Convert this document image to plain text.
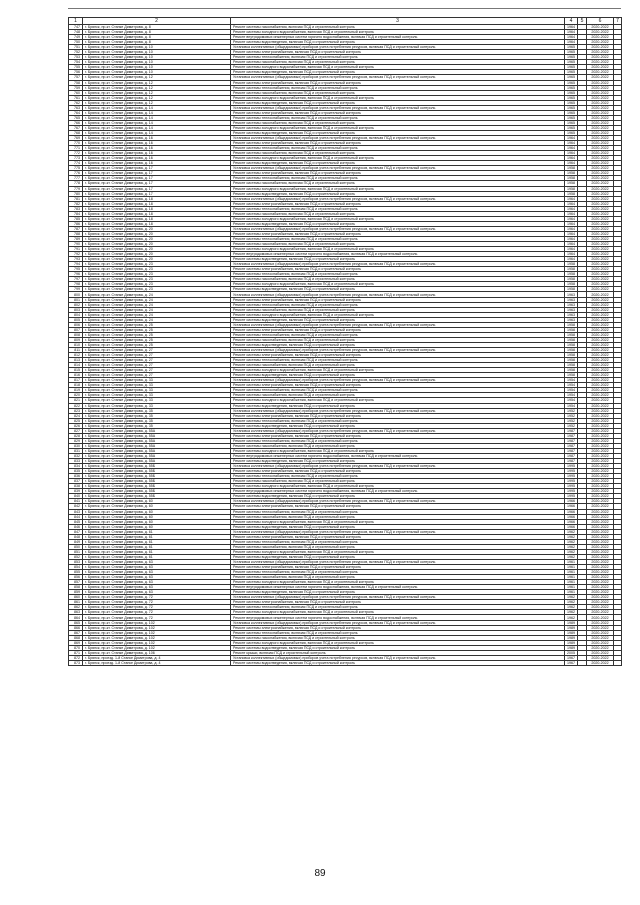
1	2	3	4	5	6	7
747	г. Брянск, пр-кт. Станке Димитрова, д. 8	Ремонт системы газоснабжения, включая ПСД и строительный контроль	1964		2020-2022	
748	г. Брянск, пр-кт. Станке Димитрова, д. 8	Ремонт системы холодного водоснабжения, включая ПСД и строительный контроль	1964		2020-2022	
749	г. Брянск, пр-кт. Станке Димитрова, д. 8	Ремонт внутридомовых инженерных систем горячего водоснабжения, включая ПСД и строительный контроль	1964		2020-2022	
750	г. Брянск, пр-кт. Станке Димитрова, д. 8	Ремонт системы водоотведения, включая ПСД и строительный контроль	1964		2020-2022	
751	г. Брянск, пр-кт. Станке Димитрова, д. 10	Установка коллективных (общедомовых) приборов учета потребления ресурсов, включая ПСД и строительный контроль	1965		2020-2022	
752	г. Брянск, пр-кт. Станке Димитрова, д. 10	Ремонт системы электроснабжения, включая ПСД и строительный контроль	1965		2020-2022	
753	г. Брянск, пр-кт. Станке Димитрова, д. 10	Ремонт системы теплоснабжения, включая ПСД и строительный контроль	1965		2020-2022	
754	г. Брянск, пр-кт. Станке Димитрова, д. 10	Ремонт системы газоснабжения, включая ПСД и строительный контроль	1965		2020-2022	
755	г. Брянск, пр-кт. Станке Димитрова, д. 10	Ремонт системы холодного водоснабжения, включая ПСД и строительный контроль	1965		2020-2022	
756	г. Брянск, пр-кт. Станке Димитрова, д. 10	Ремонт системы водоотведения, включая ПСД и строительный контроль	1965		2020-2022	
757	г. Брянск, пр-кт. Станке Димитрова, д. 12	Установка коллективных (общедомовых) приборов учета потребления ресурсов, включая ПСД и строительный контроль	1965		2020-2022	
758	г. Брянск, пр-кт. Станке Димитрова, д. 12	Ремонт системы электроснабжения, включая ПСД и строительный контроль	1965		2020-2022	
759	г. Брянск, пр-кт. Станке Димитрова, д. 12	Ремонт системы теплоснабжения, включая ПСД и строительный контроль	1965		2020-2022	
760	г. Брянск, пр-кт. Станке Димитрова, д. 12	Ремонт системы газоснабжения, включая ПСД и строительный контроль	1965		2020-2022	
761	г. Брянск, пр-кт. Станке Димитрова, д. 12	Ремонт системы холодного водоснабжения, включая ПСД и строительный контроль	1965		2020-2022	
762	г. Брянск, пр-кт. Станке Димитрова, д. 12	Ремонт системы водоотведения, включая ПСД и строительный контроль	1965		2020-2022	
763	г. Брянск, пр-кт. Станке Димитрова, д. 14	Установка коллективных (общедомовых) приборов учета потребления ресурсов, включая ПСД и строительный контроль	1965		2020-2022	
764	г. Брянск, пр-кт. Станке Димитрова, д. 14	Ремонт системы электроснабжения, включая ПСД и строительный контроль	1965		2020-2022	
765	г. Брянск, пр-кт. Станке Димитрова, д. 14	Ремонт системы теплоснабжения, включая ПСД и строительный контроль	1965		2020-2022	
766	г. Брянск, пр-кт. Станке Димитрова, д. 14	Ремонт системы газоснабжения, включая ПСД и строительный контроль	1965		2020-2022	
767	г. Брянск, пр-кт. Станке Димитрова, д. 14	Ремонт системы холодного водоснабжения, включая ПСД и строительный контроль	1965		2020-2022	
768	г. Брянск, пр-кт. Станке Димитрова, д. 14	Ремонт системы водоотведения, включая ПСД и строительный контроль	1965		2020-2022	
769	г. Брянск, пр-кт. Станке Димитрова, д. 16	Установка коллективных (общедомовых) приборов учета потребления ресурсов, включая ПСД и строительный контроль	1964		2020-2022	
770	г. Брянск, пр-кт. Станке Димитрова, д. 16	Ремонт системы электроснабжения, включая ПСД и строительный контроль	1964		2020-2022	
771	г. Брянск, пр-кт. Станке Димитрова, д. 16	Ремонт системы теплоснабжения, включая ПСД и строительный контроль	1964		2020-2022	
772	г. Брянск, пр-кт. Станке Димитрова, д. 16	Ремонт системы газоснабжения, включая ПСД и строительный контроль	1964		2020-2022	
773	г. Брянск, пр-кт. Станке Димитрова, д. 16	Ремонт системы холодного водоснабжения, включая ПСД и строительный контроль	1964		2020-2022	
774	г. Брянск, пр-кт. Станке Димитрова, д. 16	Ремонт системы водоотведения, включая ПСД и строительный контроль	1964		2020-2022	
775	г. Брянск, пр-кт. Станке Димитрова, д. 17	Установка коллективных (общедомовых) приборов учета потребления ресурсов, включая ПСД и строительный контроль	1958		2020-2022	
776	г. Брянск, пр-кт. Станке Димитрова, д. 17	Ремонт системы электроснабжения, включая ПСД и строительный контроль	1958		2020-2022	
777	г. Брянск, пр-кт. Станке Димитрова, д. 17	Ремонт системы теплоснабжения, включая ПСД и строительный контроль	1958		2020-2022	
778	г. Брянск, пр-кт. Станке Димитрова, д. 17	Ремонт системы газоснабжения, включая ПСД и строительный контроль	1958		2020-2022	
779	г. Брянск, пр-кт. Станке Димитрова, д. 17	Ремонт системы холодного водоснабжения, включая ПСД и строительный контроль	1958		2020-2022	
780	г. Брянск, пр-кт. Станке Димитрова, д. 17	Ремонт системы водоотведения, включая ПСД и строительный контроль	1958		2020-2022	
781	г. Брянск, пр-кт. Станке Димитрова, д. 18	Установка коллективных (общедомовых) приборов учета потребления ресурсов, включая ПСД и строительный контроль	1964		2020-2022	
782	г. Брянск, пр-кт. Станке Димитрова, д. 18	Ремонт системы электроснабжения, включая ПСД и строительный контроль	1964		2020-2022	
783	г. Брянск, пр-кт. Станке Димитрова, д. 18	Ремонт системы теплоснабжения, включая ПСД и строительный контроль	1964		2020-2022	
784	г. Брянск, пр-кт. Станке Димитрова, д. 18	Ремонт системы газоснабжения, включая ПСД и строительный контроль	1964		2020-2022	
785	г. Брянск, пр-кт. Станке Димитрова, д. 18	Ремонт системы холодного водоснабжения, включая ПСД и строительный контроль	1964		2020-2022	
786	г. Брянск, пр-кт. Станке Димитрова, д. 18	Ремонт системы водоотведения, включая ПСД и строительный контроль	1964		2020-2022	
787	г. Брянск, пр-кт. Станке Димитрова, д. 20	Установка коллективных (общедомовых) приборов учета потребления ресурсов, включая ПСД и строительный контроль	1964		2020-2022	
788	г. Брянск, пр-кт. Станке Димитрова, д. 20	Ремонт системы электроснабжения, включая ПСД и строительный контроль	1964		2020-2022	
789	г. Брянск, пр-кт. Станке Димитрова, д. 20	Ремонт системы теплоснабжения, включая ПСД и строительный контроль	1964		2020-2022	
790	г. Брянск, пр-кт. Станке Димитрова, д. 20	Ремонт системы газоснабжения, включая ПСД и строительный контроль	1964		2020-2022	
791	г. Брянск, пр-кт. Станке Димитрова, д. 20	Ремонт системы холодного водоснабжения, включая ПСД и строительный контроль	1964		2020-2022	
792	г. Брянск, пр-кт. Станке Димитрова, д. 20	Ремонт внутридомовых инженерных систем горячего водоснабжения, включая ПСД и строительный контроль	1964		2020-2022	
793	г. Брянск, пр-кт. Станке Димитрова, д. 20	Ремонт системы водоотведения, включая ПСД и строительный контроль	1964		2020-2022	
794	г. Брянск, пр-кт. Станке Димитрова, д. 23	Установка коллективных (общедомовых) приборов учета потребления ресурсов, включая ПСД и строительный контроль	1958		2020-2022	
795	г. Брянск, пр-кт. Станке Димитрова, д. 23	Ремонт системы электроснабжения, включая ПСД и строительный контроль	1958		2020-2022	
796	г. Брянск, пр-кт. Станке Димитрова, д. 23	Ремонт системы теплоснабжения, включая ПСД и строительный контроль	1958		2020-2022	
797	г. Брянск, пр-кт. Станке Димитрова, д. 23	Ремонт системы газоснабжения, включая ПСД и строительный контроль	1958		2020-2022	
798	г. Брянск, пр-кт. Станке Димитрова, д. 23	Ремонт системы холодного водоснабжения, включая ПСД и строительный контроль	1958		2020-2022	
799	г. Брянск, пр-кт. Станке Димитрова, д. 23	Ремонт системы водоотведения, включая ПСД и строительный контроль	1958		2020-2022	
800	г. Брянск, пр-кт. Станке Димитрова, д. 24	Установка коллективных (общедомовых) приборов учета потребления ресурсов, включая ПСД и строительный контроль	1963		2020-2022	
801	г. Брянск, пр-кт. Станке Димитрова, д. 24	Ремонт системы электроснабжения, включая ПСД и строительный контроль	1963		2020-2022	
802	г. Брянск, пр-кт. Станке Димитрова, д. 24	Ремонт системы теплоснабжения, включая ПСД и строительный контроль	1963		2020-2022	
803	г. Брянск, пр-кт. Станке Димитрова, д. 24	Ремонт системы газоснабжения, включая ПСД и строительный контроль	1963		2020-2022	
804	г. Брянск, пр-кт. Станке Димитрова, д. 24	Ремонт системы холодного водоснабжения, включая ПСД и строительный контроль	1963		2020-2022	
805	г. Брянск, пр-кт. Станке Димитрова, д. 24	Ремонт системы водоотведения, включая ПСД и строительный контроль	1963		2020-2022	
806	г. Брянск, пр-кт. Станке Димитрова, д. 25	Установка коллективных (общедомовых) приборов учета потребления ресурсов, включая ПСД и строительный контроль	1958		2020-2022	
807	г. Брянск, пр-кт. Станке Димитрова, д. 25	Ремонт системы электроснабжения, включая ПСД и строительный контроль	1958		2020-2022	
808	г. Брянск, пр-кт. Станке Димитрова, д. 25	Ремонт системы теплоснабжения, включая ПСД и строительный контроль	1958		2020-2022	
809	г. Брянск, пр-кт. Станке Димитрова, д. 25	Ремонт системы газоснабжения, включая ПСД и строительный контроль	1958		2020-2022	
810	г. Брянск, пр-кт. Станке Димитрова, д. 25	Ремонт системы водоотведения, включая ПСД и строительный контроль	1958		2020-2022	
811	г. Брянск, пр-кт. Станке Димитрова, д. 27	Установка коллективных (общедомовых) приборов учета потребления ресурсов, включая ПСД и строительный контроль	1958		2020-2022	
812	г. Брянск, пр-кт. Станке Димитрова, д. 27	Ремонт системы электроснабжения, включая ПСД и строительный контроль	1958		2020-2022	
813	г. Брянск, пр-кт. Станке Димитрова, д. 27	Ремонт системы теплоснабжения, включая ПСД и строительный контроль	1958		2020-2022	
814	г. Брянск, пр-кт. Станке Димитрова, д. 27	Ремонт системы газоснабжения, включая ПСД и строительный контроль	1958		2020-2022	
815	г. Брянск, пр-кт. Станке Димитрова, д. 27	Ремонт системы холодного водоснабжения, включая ПСД и строительный контроль	1958		2020-2022	
816	г. Брянск, пр-кт. Станке Димитрова, д. 27	Ремонт системы водоотведения, включая ПСД и строительный контроль	1958		2020-2022	
817	г. Брянск, пр-кт. Станке Димитрова, д. 33	Установка коллективных (общедомовых) приборов учета потребления ресурсов, включая ПСД и строительный контроль	1954		2020-2022	
818	г. Брянск, пр-кт. Станке Димитрова, д. 33	Ремонт системы электроснабжения, включая ПСД и строительный контроль	1954		2020-2022	
819	г. Брянск, пр-кт. Станке Димитрова, д. 33	Ремонт системы теплоснабжения, включая ПСД и строительный контроль	1954		2020-2022	
820	г. Брянск, пр-кт. Станке Димитрова, д. 33	Ремонт системы газоснабжения, включая ПСД и строительный контроль	1954		2020-2022	
821	г. Брянск, пр-кт. Станке Димитрова, д. 33	Ремонт системы холодного водоснабжения, включая ПСД и строительный контроль	1954		2020-2022	
822	г. Брянск, пр-кт. Станке Димитрова, д. 33	Ремонт системы водоотведения, включая ПСД и строительный контроль	1954		2020-2022	
823	г. Брянск, пр-кт. Станке Димитрова, д. 35	Установка коллективных (общедомовых) приборов учета потребления ресурсов, включая ПСД и строительный контроль	1952		2020-2022	
824	г. Брянск, пр-кт. Станке Димитрова, д. 35	Ремонт системы электроснабжения, включая ПСД и строительный контроль	1952		2020-2022	
825	г. Брянск, пр-кт. Станке Димитрова, д. 35	Ремонт системы теплоснабжения, включая ПСД и строительный контроль	1952		2020-2022	
826	г. Брянск, пр-кт. Станке Димитрова, д. 35	Ремонт системы водоотведения, включая ПСД и строительный контроль	1952		2020-2022	
827	г. Брянск, пр-кт. Станке Димитрова, д. 55А	Установка коллективных (общедомовых) приборов учета потребления ресурсов, включая ПСД и строительный контроль	1987		2020-2022	
828	г. Брянск, пр-кт. Станке Димитрова, д. 55А	Ремонт системы электроснабжения, включая ПСД и строительный контроль	1987		2020-2022	
829	г. Брянск, пр-кт. Станке Димитрова, д. 55А	Ремонт системы теплоснабжения, включая ПСД и строительный контроль	1987		2020-2022	
830	г. Брянск, пр-кт. Станке Димитрова, д. 55А	Ремонт системы газоснабжения, включая ПСД и строительный контроль	1987		2020-2022	
831	г. Брянск, пр-кт. Станке Димитрова, д. 55А	Ремонт системы холодного водоснабжения, включая ПСД и строительный контроль	1987		2020-2022	
832	г. Брянск, пр-кт. Станке Димитрова, д. 55А	Ремонт внутридомовых инженерных систем горячего водоснабжения, включая ПСД и строительный контроль	1987		2020-2022	
833	г. Брянск, пр-кт. Станке Димитрова, д. 55А	Ремонт системы водоотведения, включая ПСД и строительный контроль	1987		2020-2022	
834	г. Брянск, пр-кт. Станке Димитрова, д. 55Б	Установка коллективных (общедомовых) приборов учета потребления ресурсов, включая ПСД и строительный контроль	1995		2020-2022	
835	г. Брянск, пр-кт. Станке Димитрова, д. 55Б	Ремонт системы электроснабжения, включая ПСД и строительный контроль	1995		2020-2022	
836	г. Брянск, пр-кт. Станке Димитрова, д. 55Б	Ремонт системы теплоснабжения, включая ПСД и строительный контроль	1995		2020-2022	
837	г. Брянск, пр-кт. Станке Димитрова, д. 55Б	Ремонт системы газоснабжения, включая ПСД и строительный контроль	1995		2020-2022	
838	г. Брянск, пр-кт. Станке Димитрова, д. 55Б	Ремонт системы холодного водоснабжения, включая ПСД и строительный контроль	1995		2020-2022	
839	г. Брянск, пр-кт. Станке Димитрова, д. 55Б	Ремонт внутридомовых инженерных систем горячего водоснабжения, включая ПСД и строительный контроль	1995		2020-2022	
840	г. Брянск, пр-кт. Станке Димитрова, д. 55Б	Ремонт системы водоотведения, включая ПСД и строительный контроль	1995		2020-2022	
841	г. Брянск, пр-кт. Станке Димитрова, д. 60	Установка коллективных (общедомовых) приборов учета потребления ресурсов, включая ПСД и строительный контроль	1966		2020-2022	
842	г. Брянск, пр-кт. Станке Димитрова, д. 60	Ремонт системы электроснабжения, включая ПСД и строительный контроль	1966		2020-2022	
843	г. Брянск, пр-кт. Станке Димитрова, д. 60	Ремонт системы теплоснабжения, включая ПСД и строительный контроль	1966		2020-2022	
844	г. Брянск, пр-кт. Станке Димитрова, д. 60	Ремонт системы газоснабжения, включая ПСД и строительный контроль	1966		2020-2022	
845	г. Брянск, пр-кт. Станке Димитрова, д. 60	Ремонт системы холодного водоснабжения, включая ПСД и строительный контроль	1966		2020-2022	
846	г. Брянск, пр-кт. Станке Димитрова, д. 60	Ремонт системы водоотведения, включая ПСД и строительный контроль	1966		2020-2022	
847	г. Брянск, пр-кт. Станке Димитрова, д. 61	Установка коллективных (общедомовых) приборов учета потребления ресурсов, включая ПСД и строительный контроль	1962		2020-2022	
848	г. Брянск, пр-кт. Станке Димитрова, д. 61	Ремонт системы электроснабжения, включая ПСД и строительный контроль	1962		2020-2022	
849	г. Брянск, пр-кт. Станке Димитрова, д. 61	Ремонт системы теплоснабжения, включая ПСД и строительный контроль	1962		2020-2022	
850	г. Брянск, пр-кт. Станке Димитрова, д. 61	Ремонт системы газоснабжения, включая ПСД и строительный контроль	1962		2020-2022	
851	г. Брянск, пр-кт. Станке Димитрова, д. 61	Ремонт системы холодного водоснабжения, включая ПСД и строительный контроль	1962		2020-2022	
852	г. Брянск, пр-кт. Станке Димитрова, д. 61	Ремонт системы водоотведения, включая ПСД и строительный контроль	1962		2020-2022	
853	г. Брянск, пр-кт. Станке Димитрова, д. 63	Установка коллективных (общедомовых) приборов учета потребления ресурсов, включая ПСД и строительный контроль	1961		2020-2022	
854	г. Брянск, пр-кт. Станке Димитрова, д. 63	Ремонт системы электроснабжения, включая ПСД и строительный контроль	1961		2020-2022	
855	г. Брянск, пр-кт. Станке Димитрова, д. 63	Ремонт системы теплоснабжения, включая ПСД и строительный контроль	1961		2020-2022	
856	г. Брянск, пр-кт. Станке Димитрова, д. 63	Ремонт системы газоснабжения, включая ПСД и строительный контроль	1961		2020-2022	
857	г. Брянск, пр-кт. Станке Димитрова, д. 63	Ремонт системы холодного водоснабжения, включая ПСД и строительный контроль	1961		2020-2022	
858	г. Брянск, пр-кт. Станке Димитрова, д. 63	Ремонт внутридомовых инженерных систем горячего водоснабжения, включая ПСД и строительный контроль	1961		2020-2022	
859	г. Брянск, пр-кт. Станке Димитрова, д. 63	Ремонт системы водоотведения, включая ПСД и строительный контроль	1961		2020-2022	
860	г. Брянск, пр-кт. Станке Димитрова, д. 72	Установка коллективных (общедомовых) приборов учета потребления ресурсов, включая ПСД и строительный контроль	1962		2020-2022	
861	г. Брянск, пр-кт. Станке Димитрова, д. 72	Ремонт системы электроснабжения, включая ПСД и строительный контроль	1962		2020-2022	
862	г. Брянск, пр-кт. Станке Димитрова, д. 72	Ремонт системы теплоснабжения, включая ПСД и строительный контроль	1962		2020-2022	
863	г. Брянск, пр-кт. Станке Димитрова, д. 72	Ремонт системы холодного водоснабжения, включая ПСД и строительный контроль	1962		2020-2022	
864	г. Брянск, пр-кт. Станке Димитрова, д. 72	Ремонт внутридомовых инженерных систем горячего водоснабжения, включая ПСД и строительный контроль	1962		2020-2022	
865	г. Брянск, пр-кт. Станке Димитрова, д. 102	Установка коллективных (общедомовых) приборов учета потребления ресурсов, включая ПСД и строительный контроль	1989		2020-2022	
866	г. Брянск, пр-кт. Станке Димитрова, д. 102	Ремонт системы электроснабжения, включая ПСД и строительный контроль	1989		2020-2022	
867	г. Брянск, пр-кт. Станке Димитрова, д. 102	Ремонт системы теплоснабжения, включая ПСД и строительный контроль	1989		2020-2022	
868	г. Брянск, пр-кт. Станке Димитрова, д. 102	Ремонт системы газоснабжения, включая ПСД и строительный контроль	1989		2020-2022	
869	г. Брянск, пр-кт. Станке Димитрова, д. 102	Ремонт системы холодного водоснабжения, включая ПСД и строительный контроль	1989		2020-2022	
870	г. Брянск, пр-кт. Станке Димитрова, д. 102	Ремонт системы водоотведения, включая ПСД и строительный контроль	1989		2020-2022	
871	г. Брянск, пр-кт. Станке Димитрова, д. 106	Ремонт крыши, включая ПСД и строительный контроль	2005		2020-2022	
872	г. Брянск, проезд. 1-й Станке Димитрова, д. 4	Установка коллективных (общедомовых) приборов учета потребления ресурсов, включая ПСД и строительный контроль	1967		2020-2022	
873	г. Брянск, проезд. 1-й Станке Димитрова, д. 4	Ремонт системы водоотведения, включая ПСД и строительный контроль	1967		2020-2022	
89
